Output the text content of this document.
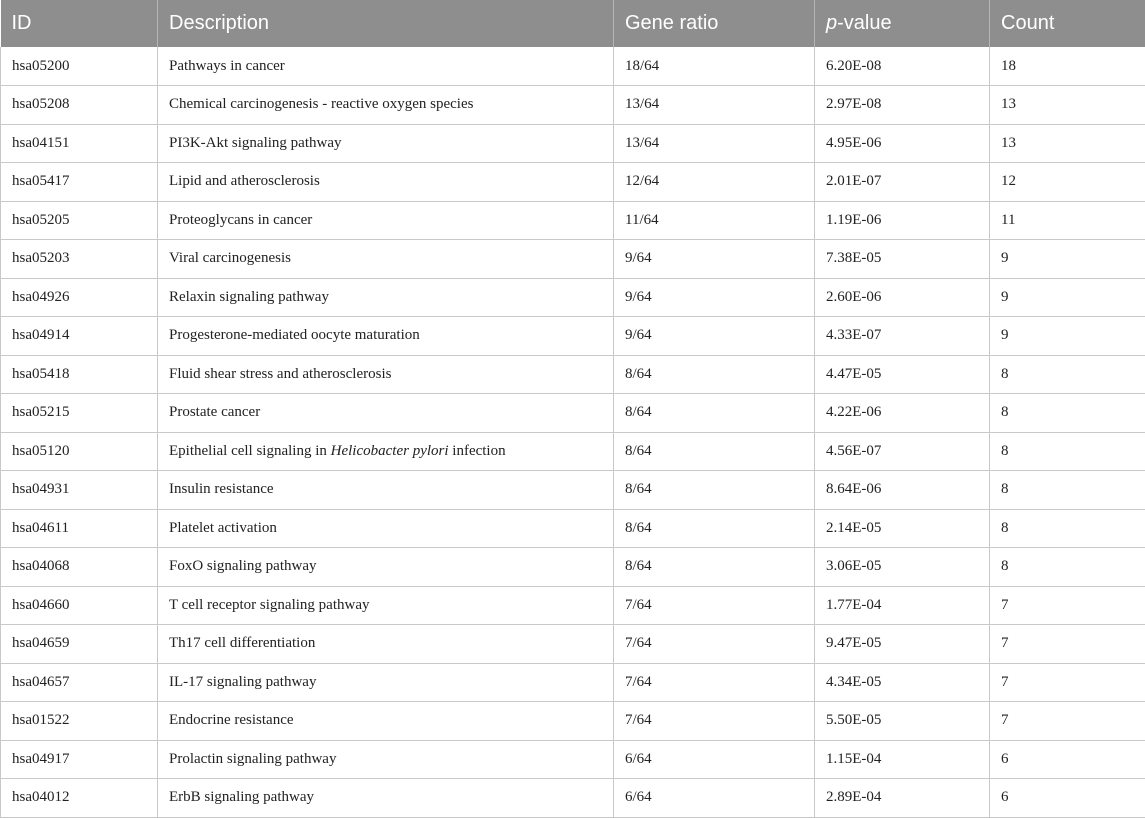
ID	Description	Gene ratio	p-value	Count
hsa05200	Pathways in cancer	18/64	6.20E-08	18
hsa05208	Chemical carcinogenesis - reactive oxygen species	13/64	2.97E-08	13
hsa04151	PI3K-Akt signaling pathway	13/64	4.95E-06	13
hsa05417	Lipid and atherosclerosis	12/64	2.01E-07	12
hsa05205	Proteoglycans in cancer	11/64	1.19E-06	11
hsa05203	Viral carcinogenesis	9/64	7.38E-05	9
hsa04926	Relaxin signaling pathway	9/64	2.60E-06	9
hsa04914	Progesterone-mediated oocyte maturation	9/64	4.33E-07	9
hsa05418	Fluid shear stress and atherosclerosis	8/64	4.47E-05	8
hsa05215	Prostate cancer	8/64	4.22E-06	8
hsa05120	Epithelial cell signaling in Helicobacter pylori infection	8/64	4.56E-07	8
hsa04931	Insulin resistance	8/64	8.64E-06	8
hsa04611	Platelet activation	8/64	2.14E-05	8
hsa04068	FoxO signaling pathway	8/64	3.06E-05	8
hsa04660	T cell receptor signaling pathway	7/64	1.77E-04	7
hsa04659	Th17 cell differentiation	7/64	9.47E-05	7
hsa04657	IL-17 signaling pathway	7/64	4.34E-05	7
hsa01522	Endocrine resistance	7/64	5.50E-05	7
hsa04917	Prolactin signaling pathway	6/64	1.15E-04	6
hsa04012	ErbB signaling pathway	6/64	2.89E-04	6
